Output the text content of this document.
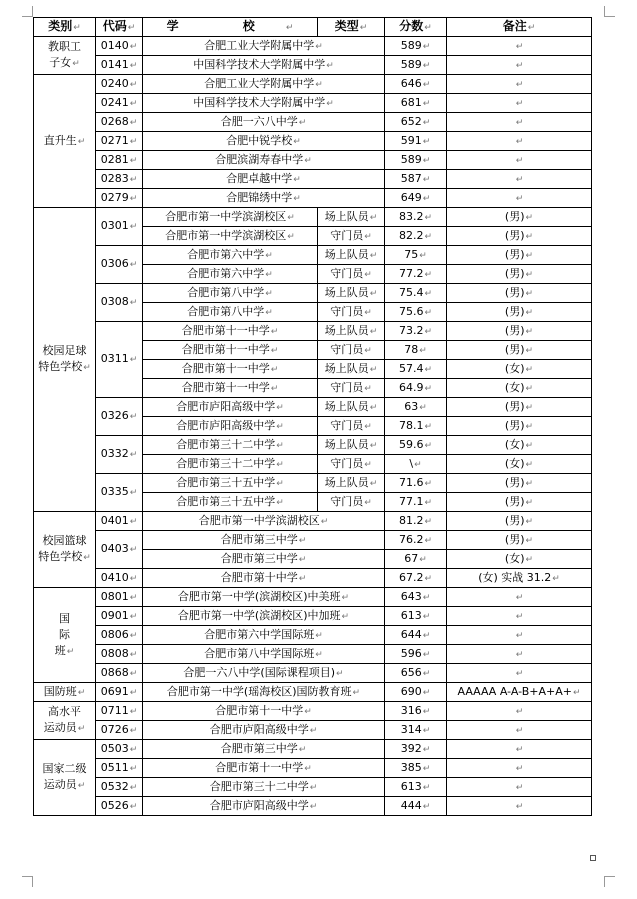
类别↵	代码↵	学 校↵	类型↵	分数↵	备注↵

教职工
子女↵	0140↵	合肥工业大学附属中学↵		589↵	↵
	0141↵	中国科学技术大学附属中学↵		589↵	↵

直升生↵	0240↵	合肥工业大学附属中学↵		646↵	↵
	0241↵	中国科学技术大学附属中学↵		681↵	↵
	0268↵	合肥一六八中学↵		652↵	↵
	0271↵	合肥中锐学校↵		591↵	↵
	0281↵	合肥滨湖寿春中学↵		589↵	↵
	0283↵	合肥卓越中学↵		587↵	↵
	0279↵	合肥锦绣中学↵		649↵	↵

校园足球
特色学校↵	0301↵	合肥市第一中学滨湖校区↵	场上队员↵	83.2↵	(男)↵
		合肥市第一中学滨湖校区↵	守门员↵	82.2↵	(男)↵
	0306↵	合肥市第六中学↵	场上队员↵	75↵	(男)↵
		合肥市第六中学↵	守门员↵	77.2↵	(男)↵
	0308↵	合肥市第八中学↵	场上队员↵	75.4↵	(男)↵
		合肥市第八中学↵	守门员↵	75.6↵	(男)↵
	0311↵	合肥市第十一中学↵	场上队员↵	73.2↵	(男)↵
		合肥市第十一中学↵	守门员↵	78↵	(男)↵
		合肥市第十一中学↵	场上队员↵	57.4↵	(女)↵
		合肥市第十一中学↵	守门员↵	64.9↵	(女)↵
	0326↵	合肥市庐阳高级中学↵	场上队员↵	63↵	(男)↵
		合肥市庐阳高级中学↵	守门员↵	78.1↵	(男)↵
	0332↵	合肥市第三十二中学↵	场上队员↵	59.6↵	(女)↵
		合肥市第三十二中学↵	守门员↵	\↵	(女)↵
	0335↵	合肥市第三十五中学↵	场上队员↵	71.6↵	(男)↵
		合肥市第三十五中学↵	守门员↵	77.1↵	(男)↵

校园篮球
特色学校↵	0401↵	合肥市第一中学滨湖校区↵		81.2↵	(男)↵
	0403↵	合肥市第三中学↵		76.2↵	(男)↵
		合肥市第三中学↵		67↵	(女)↵
	0410↵	合肥市第十中学↵		67.2↵	(女) 实战 31.2↵

国
际
班↵	0801↵	合肥市第一中学(滨湖校区)中美班↵		643↵	↵
	0901↵	合肥市第一中学(滨湖校区)中加班↵		613↵	↵
	0806↵	合肥市第六中学国际班↵		644↵	↵
	0808↵	合肥市第八中学国际班↵		596↵	↵
	0868↵	合肥一六八中学(国际课程项目)↵		656↵	↵

国防班↵	0691↵	合肥市第一中学(瑶海校区)国防教育班↵		690↵	AAAAA A-A-B+A+A+↵

高水平
运动员↵	0711↵	合肥市第十一中学↵		316↵	↵
	0726↵	合肥市庐阳高级中学↵		314↵	↵

国家二级
运动员↵	0503↵	合肥市第三中学↵		392↵	↵
	0511↵	合肥市第十一中学↵		385↵	↵
	0532↵	合肥市第三十二中学↵		613↵	↵
	0526↵	合肥市庐阳高级中学↵		444↵	↵
